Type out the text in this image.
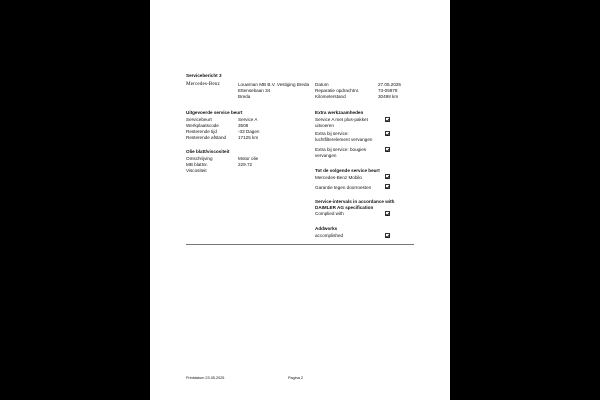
Servicebericht 3
Mercedes-Benz	Louwman MB B.V. Vestiging Breda
Ettensebaan 34
Breda
Datum	27.05.2025
Reparatie opdrachtnr.	73-05978
Kilometerstand	30498 km
Uitgevoerde service beurt
Servicebeurt	Service A
Werkplaatscode	3508
Resterende tijd	-33 Dagen
Resterende afstand	17125 km
Olie blatt/viscositeit
Omschrijving	Motor olie
MB blattnr.	229.72
Viscositeit
Extra werkzaamheden
Service A met plus-pakket
uitvoeren
Extra bij service:
luchtfilterelement vervangen
Extra bij service: bougies
vervangen
Tot de volgende service beurt
Mercedes-Benz Mobilo
Garantie tegen doorroesten
Service-intervals in accordance with
DAIMLER AG specification
Complied with
Addworks
accomplished
Printdatum 23.05.2025	Pagina 2
